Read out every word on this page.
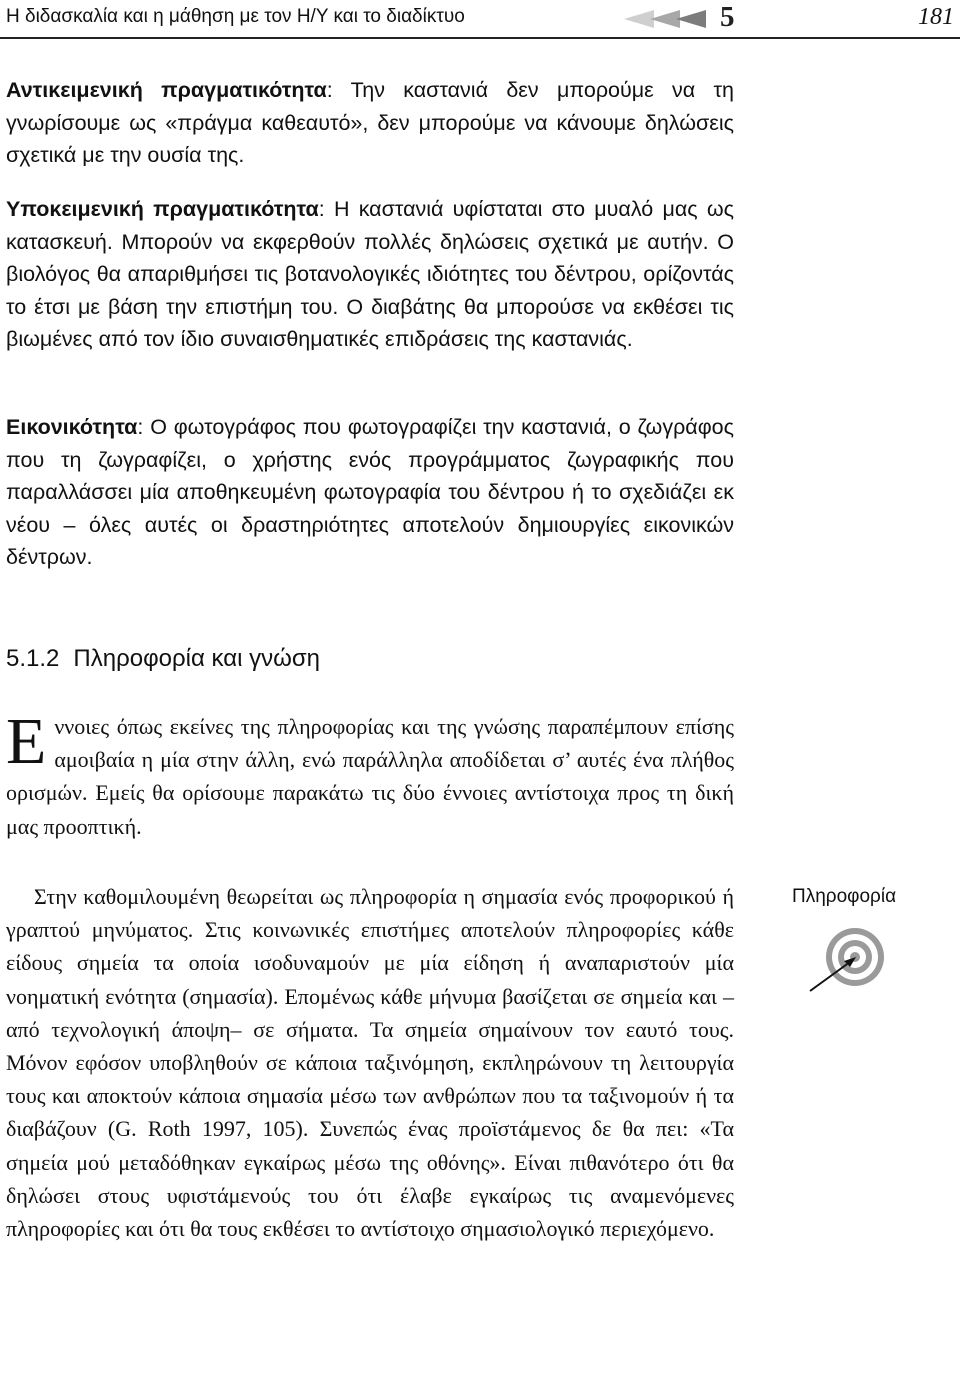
Η διδασκαλία και η μάθηση με τον Η/Υ και το διαδίκτυο	5	181
Αντικειμενική πραγματικότητα: Την καστανιά δεν μπορούμε να τη γνωρίσουμε ως «πράγμα καθεαυτό», δεν μπορούμε να κάνουμε δηλώσεις σχετικά με την ουσία της.
Υποκειμενική πραγματικότητα: Η καστανιά υφίσταται στο μυαλό μας ως κατασκευή. Μπορούν να εκφερθούν πολλές δηλώσεις σχετικά με αυτήν. Ο βιολόγος θα απαριθμήσει τις βοτανολογικές ιδιότητες του δέντρου, ορίζοντάς το έτσι με βάση την επιστήμη του. Ο διαβάτης θα μπορούσε να εκθέσει τις βιωμένες από τον ίδιο συναισθηματικές επιδράσεις της καστανιάς.
Εικονικότητα: Ο φωτογράφος που φωτογραφίζει την καστανιά, ο ζωγράφος που τη ζωγραφίζει, ο χρήστης ενός προγράμματος ζωγραφικής που παραλλάσσει μία αποθηκευμένη φωτογραφία του δέντρου ή το σχεδιάζει εκ νέου – όλες αυτές οι δραστηριότητες αποτελούν δημιουργίες εικονικών δέντρων.
5.1.2 Πληροφορία και γνώση
Εννοιες όπως εκείνες της πληροφορίας και της γνώσης παραπέμπουν επίσης αμοιβαία η μία στην άλλη, ενώ παράλληλα αποδίδεται σ’ αυτές ένα πλήθος ορισμών. Εμείς θα ορίσουμε παρακάτω τις δύο έννοιες αντίστοιχα προς τη δική μας προοπτική.
Στην καθομιλουμένη θεωρείται ως πληροφορία η σημασία ενός προφορικού ή γραπτού μηνύματος. Στις κοινωνικές επιστήμες αποτελούν πληροφορίες κάθε είδους σημεία τα οποία ισοδυναμούν με μία είδηση ή αναπαριστούν μία νοηματική ενότητα (σημασία). Επομένως κάθε μήνυμα βασίζεται σε σημεία και –από τεχνολογική άποψη– σε σήματα. Τα σημεία σημαίνουν τον εαυτό τους. Μόνον εφόσον υποβληθούν σε κάποια ταξινόμηση, εκπληρώνουν τη λειτουργία τους και αποκτούν κάποια σημασία μέσω των ανθρώπων που τα ταξινομούν ή τα διαβάζουν (G. Roth 1997, 105). Συνεπώς ένας προϊστάμενος δε θα πει: «Τα σημεία μού μεταδόθηκαν εγκαίρως μέσω της οθόνης». Είναι πιθανότερο ότι θα δηλώσει στους υφιστάμενούς του ότι έλαβε εγκαίρως τις αναμενόμενες πληροφορίες και ότι θα τους εκθέσει το αντίστοιχο σημασιολογικό περιεχόμενο.
Πληροφορία
